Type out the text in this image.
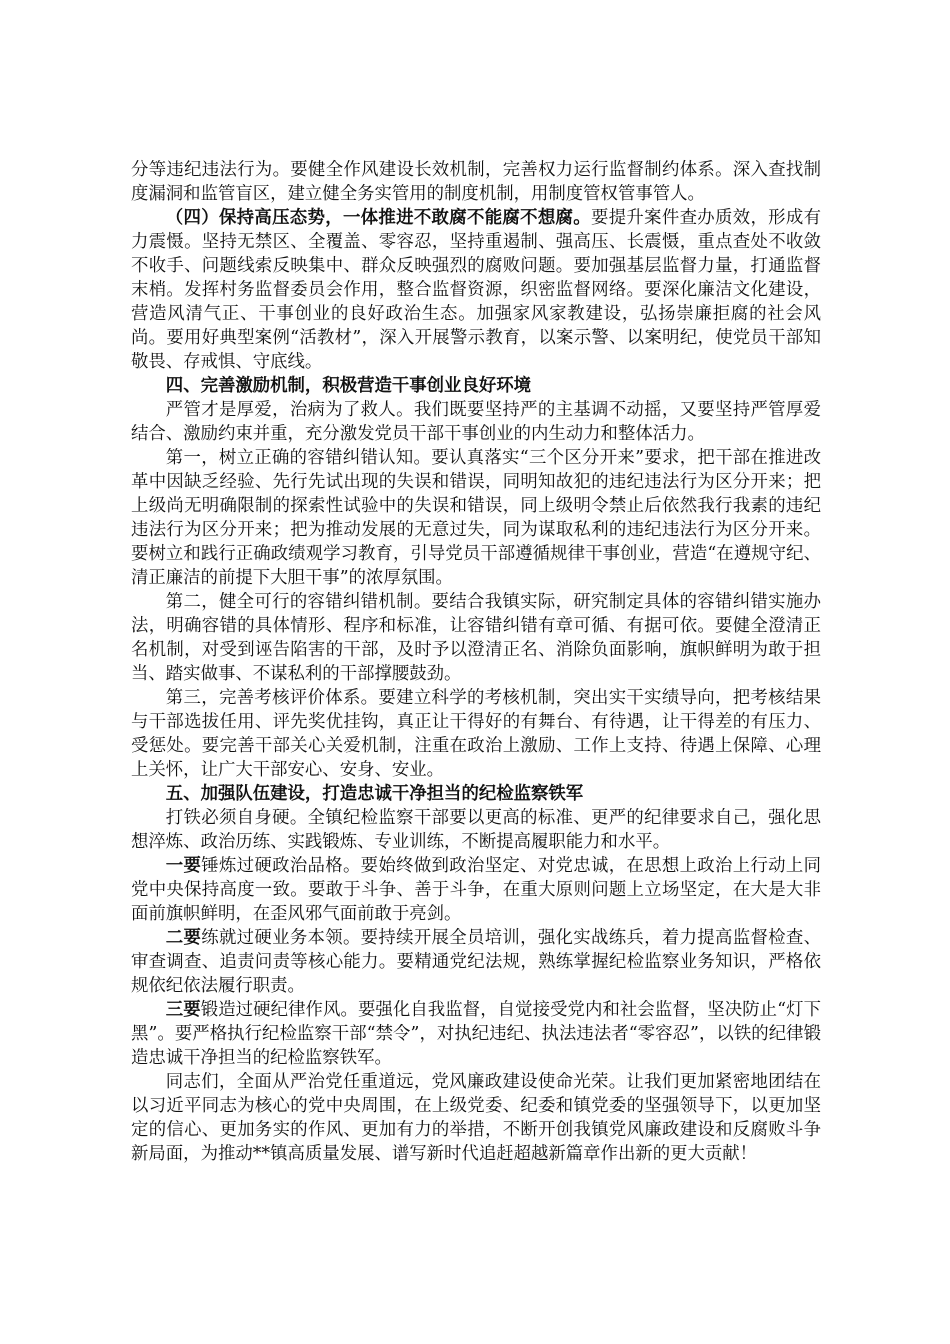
分等违纪违法行为。要健全作风建设长效机制，完善权力运行监督制约体系。深入查找制度漏洞和监管盲区，建立健全务实管用的制度机制，用制度管权管事管人。

（四）保持高压态势，一体推进不敢腐不能腐不想腐。要提升案件查办质效，形成有力震慑。坚持无禁区、全覆盖、零容忍，坚持重遏制、强高压、长震慑，重点查处不收敛不收手、问题线索反映集中、群众反映强烈的腐败问题。要加强基层监督力量，打通监督末梢。发挥村务监督委员会作用，整合监督资源，织密监督网络。要深化廉洁文化建设，营造风清气正、干事创业的良好政治生态。加强家风家教建设，弘扬崇廉拒腐的社会风尚。要用好典型案例“活教材”，深入开展警示教育，以案示警、以案明纪，使党员干部知敬畏、存戒惧、守底线。

四、完善激励机制，积极营造干事创业良好环境

严管才是厚爱，治病为了救人。我们既要坚持严的主基调不动摇，又要坚持严管厚爱结合、激励约束并重，充分激发党员干部干事创业的内生动力和整体活力。

第一，树立正确的容错纠错认知。要认真落实“三个区分开来”要求，把干部在推进改革中因缺乏经验、先行先试出现的失误和错误，同明知故犯的违纪违法行为区分开来；把上级尚无明确限制的探索性试验中的失误和错误，同上级明令禁止后依然我行我素的违纪违法行为区分开来；把为推动发展的无意过失，同为谋取私利的违纪违法行为区分开来。要树立和践行正确政绩观学习教育，引导党员干部遵循规律干事创业，营造“在遵规守纪、清正廉洁的前提下大胆干事”的浓厚氛围。

第二，健全可行的容错纠错机制。要结合我镇实际，研究制定具体的容错纠错实施办法，明确容错的具体情形、程序和标准，让容错纠错有章可循、有据可依。要健全澄清正名机制，对受到诬告陷害的干部，及时予以澄清正名、消除负面影响，旗帜鲜明为敢于担当、踏实做事、不谋私利的干部撑腰鼓劲。

第三，完善考核评价体系。要建立科学的考核机制，突出实干实绩导向，把考核结果与干部选拔任用、评先奖优挂钩，真正让干得好的有舞台、有待遇，让干得差的有压力、受惩处。要完善干部关心关爱机制，注重在政治上激励、工作上支持、待遇上保障、心理上关怀，让广大干部安心、安身、安业。

五、加强队伍建设，打造忠诚干净担当的纪检监察铁军

打铁必须自身硬。全镇纪检监察干部要以更高的标准、更严的纪律要求自己，强化思想淬炼、政治历练、实践锻炼、专业训练，不断提高履职能力和水平。

一要锤炼过硬政治品格。要始终做到政治坚定、对党忠诚，在思想上政治上行动上同党中央保持高度一致。要敢于斗争、善于斗争，在重大原则问题上立场坚定，在大是大非面前旗帜鲜明，在歪风邪气面前敢于亮剑。

二要练就过硬业务本领。要持续开展全员培训，强化实战练兵，着力提高监督检查、审查调查、追责问责等核心能力。要精通党纪法规，熟练掌握纪检监察业务知识，严格依规依纪依法履行职责。

三要锻造过硬纪律作风。要强化自我监督，自觉接受党内和社会监督，坚决防止“灯下黑”。要严格执行纪检监察干部“禁令”，对执纪违纪、执法违法者“零容忍”，以铁的纪律锻造忠诚干净担当的纪检监察铁军。

同志们，全面从严治党任重道远，党风廉政建设使命光荣。让我们更加紧密地团结在以习近平同志为核心的党中央周围，在上级党委、纪委和镇党委的坚强领导下，以更加坚定的信心、更加务实的作风、更加有力的举措，不断开创我镇党风廉政建设和反腐败斗争新局面，为推动**镇高质量发展、谱写新时代追赶超越新篇章作出新的更大贡献！
